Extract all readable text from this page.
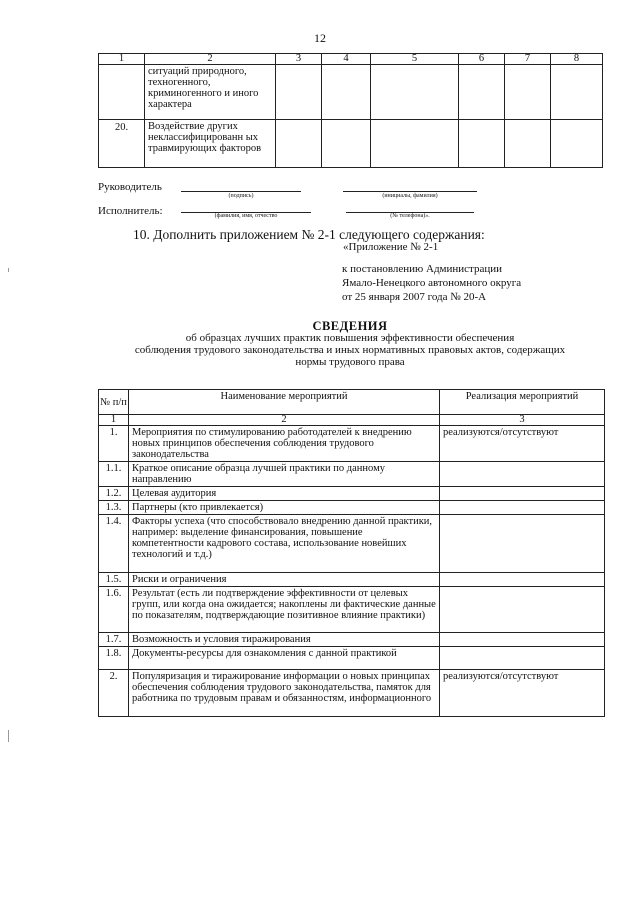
12
1	2	3	4	5	6	7	8
	ситуаций природного, техногенного, криминогенного и иного характера						
20.	Воздействие других неклассифицированн ых травмирующих факторов						
Руководитель
(подпись)	(инициалы, фамилия)
Исполнитель:	(фамилия, имя, отчество	(№ телефона)».
10. Дополнить приложением № 2-1 следующего содержания:
«Приложение № 2-1
к постановлению Администрации
Ямало-Ненецкого автономного округа
от 25 января 2007 года № 20-А
СВЕДЕНИЯ
об образцах лучших практик повышения эффективности обеспечения
соблюдения трудового законодательства и иных нормативных правовых актов, содержащих
нормы трудового права
№ п/п	Наименование мероприятий	Реализация мероприятий
1	2	3
1.	Мероприятия по стимулированию работодателей к внедрению новых принципов обеспечения соблюдения трудового законодательства	реализуются/отсутствуют
1.1.	Краткое описание образца лучшей практики по данному направлению	
1.2.	Целевая аудитория	
1.3.	Партнеры (кто привлекается)	
1.4.	Факторы успеха (что способствовало внедрению данной практики, например: выделение финансирования, повышение компетентности кадрового состава, использование новейших технологий и т.д.)	
1.5.	Риски и ограничения	
1.6.	Результат (есть ли подтверждение эффективности от целевых групп, или когда она ожидается; накоплены ли фактические данные по показателям, подтверждающие позитивное влияние практики)	
1.7.	Возможность и условия тиражирования	
1.8.	Документы-ресурсы для ознакомления с данной практикой	
2.	Популяризация и тиражирование информации о новых принципах обеспечения соблюдения трудового законодательства, памяток для работника по трудовым правам и обязанностям, информационного	реализуются/отсутствуют
